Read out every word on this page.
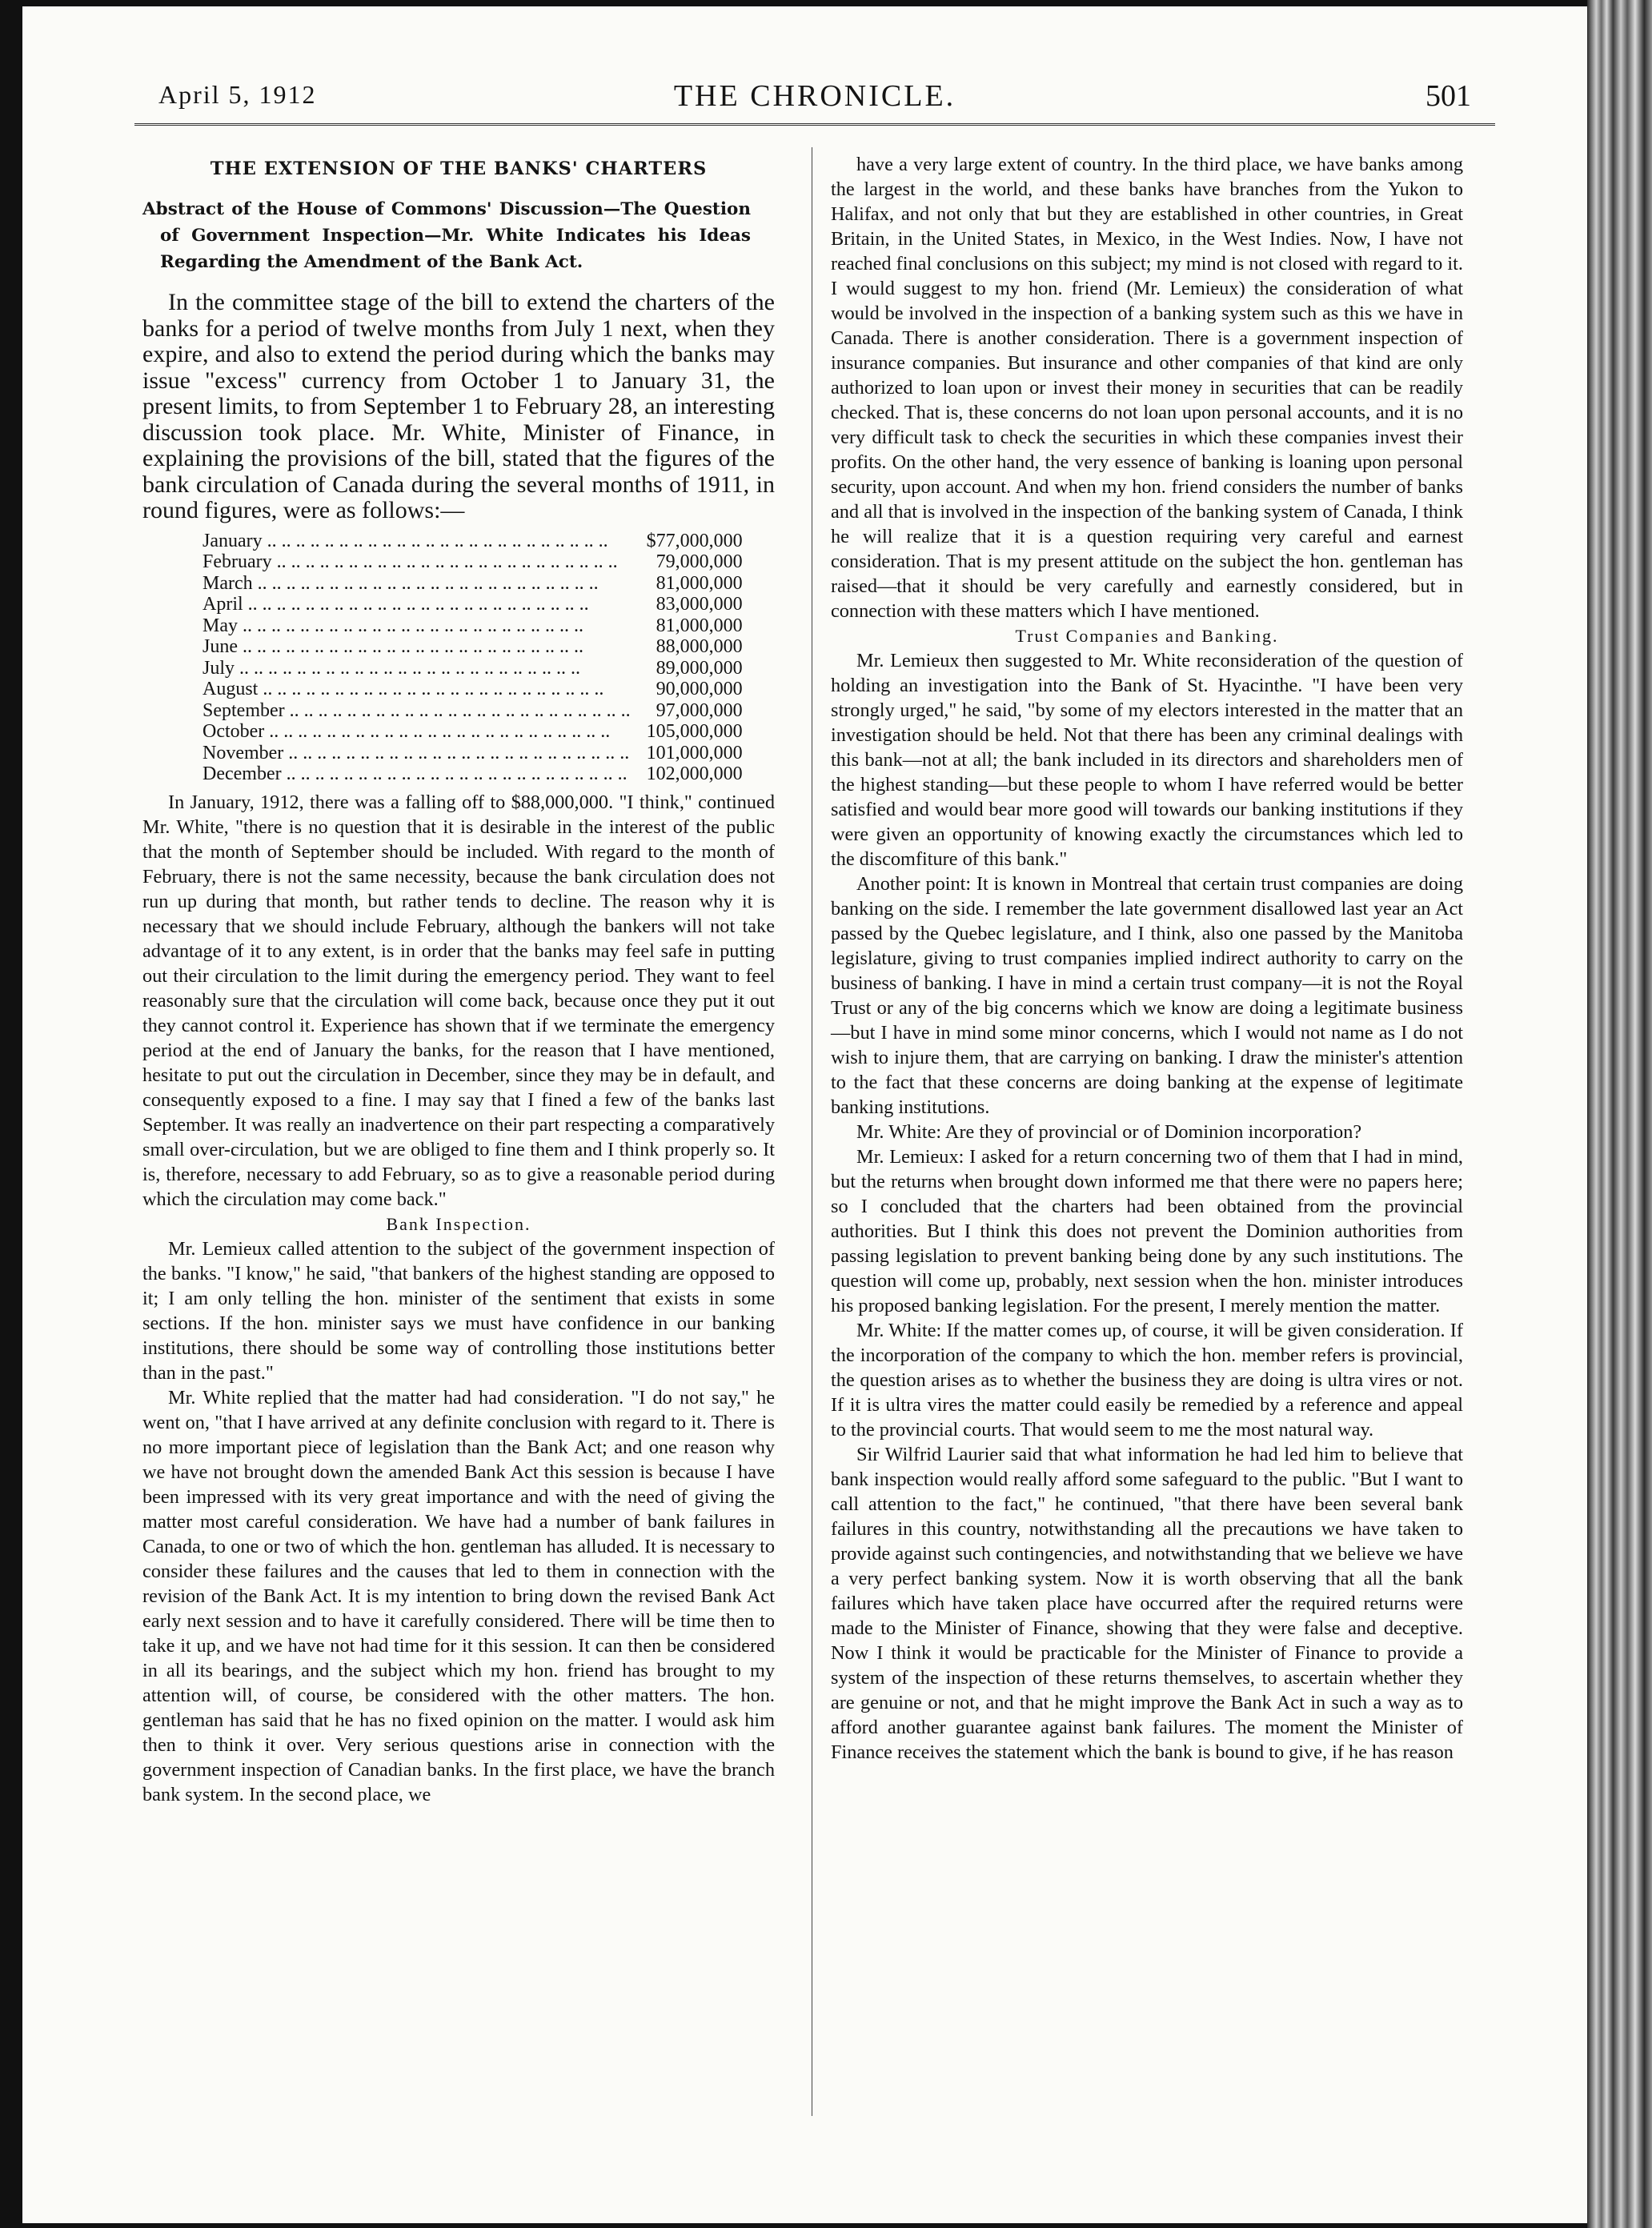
April 5, 1912	THE CHRONICLE.	501
THE EXTENSION OF THE BANKS' CHARTERS
Abstract of the House of Commons' Discussion—The Question of Government Inspection—Mr. White Indicates his Ideas Regarding the Amendment of the Bank Act.

In the committee stage of the bill to extend the charters of the banks for a period of twelve months from July 1 next, when they expire, and also to extend the period during which the banks may issue "excess" currency from October 1 to January 31, the present limits, to from September 1 to February 28, an interesting discussion took place. Mr. White, Minister of Finance, in explaining the provisions of the bill, stated that the figures of the bank circulation of Canada during the several months of 1911, in round figures, were as follows:—

January .. .. .. .. .. .. .. .. .. .. .. .. .. .. .. .. .. .. .. .. .. .. .. ..	$77,000,000
February .. .. .. .. .. .. .. .. .. .. .. .. .. .. .. .. .. .. .. .. .. .. .. ..	79,000,000
March .. .. .. .. .. .. .. .. .. .. .. .. .. .. .. .. .. .. .. .. .. .. .. ..	81,000,000
April .. .. .. .. .. .. .. .. .. .. .. .. .. .. .. .. .. .. .. .. .. .. .. ..	83,000,000
May .. .. .. .. .. .. .. .. .. .. .. .. .. .. .. .. .. .. .. .. .. .. .. ..	81,000,000
June .. .. .. .. .. .. .. .. .. .. .. .. .. .. .. .. .. .. .. .. .. .. .. ..	88,000,000
July .. .. .. .. .. .. .. .. .. .. .. .. .. .. .. .. .. .. .. .. .. .. .. ..	89,000,000
August .. .. .. .. .. .. .. .. .. .. .. .. .. .. .. .. .. .. .. .. .. .. .. ..	90,000,000
September .. .. .. .. .. .. .. .. .. .. .. .. .. .. .. .. .. .. .. .. .. .. .. ..	97,000,000
October .. .. .. .. .. .. .. .. .. .. .. .. .. .. .. .. .. .. .. .. .. .. .. ..	105,000,000
November .. .. .. .. .. .. .. .. .. .. .. .. .. .. .. .. .. .. .. .. .. .. .. ..	101,000,000
December .. .. .. .. .. .. .. .. .. .. .. .. .. .. .. .. .. .. .. .. .. .. .. ..	102,000,000

In January, 1912, there was a falling off to $88,000,000. "I think," continued Mr. White, "there is no question that it is desirable in the interest of the public that the month of September should be included. With regard to the month of February, there is not the same necessity, because the bank circulation does not run up during that month, but rather tends to decline. The reason why it is necessary that we should include February, although the bankers will not take advantage of it to any extent, is in order that the banks may feel safe in putting out their circulation to the limit during the emergency period. They want to feel reasonably sure that the circulation will come back, because once they put it out they cannot control it. Experience has shown that if we terminate the emergency period at the end of January the banks, for the reason that I have mentioned, hesitate to put out the circulation in December, since they may be in default, and consequently exposed to a fine. I may say that I fined a few of the banks last September. It was really an inadvertence on their part respecting a comparatively small over-circulation, but we are obliged to fine them and I think properly so. It is, therefore, necessary to add February, so as to give a reasonable period during which the circulation may come back."

Bank Inspection.

Mr. Lemieux called attention to the subject of the government inspection of the banks. "I know," he said, "that bankers of the highest standing are opposed to it; I am only telling the hon. minister of the sentiment that exists in some sections. If the hon. minister says we must have confidence in our banking institutions, there should be some way of controlling those institutions better than in the past."

Mr. White replied that the matter had had consideration. "I do not say," he went on, "that I have arrived at any definite conclusion with regard to it. There is no more important piece of legislation than the Bank Act; and one reason why we have not brought down the amended Bank Act this session is because I have been impressed with its very great importance and with the need of giving the matter most careful consideration. We have had a number of bank failures in Canada, to one or two of which the hon. gentleman has alluded. It is necessary to consider these failures and the causes that led to them in connection with the revision of the Bank Act. It is my intention to bring down the revised Bank Act early next session and to have it carefully considered. There will be time then to take it up, and we have not had time for it this session. It can then be considered in all its bearings, and the subject which my hon. friend has brought to my attention will, of course, be considered with the other matters. The hon. gentleman has said that he has no fixed opinion on the matter. I would ask him then to think it over. Very serious questions arise in connection with the government inspection of Canadian banks. In the first place, we have the branch bank system. In the second place, we

have a very large extent of country. In the third place, we have banks among the largest in the world, and these banks have branches from the Yukon to Halifax, and not only that but they are established in other countries, in Great Britain, in the United States, in Mexico, in the West Indies. Now, I have not reached final conclusions on this subject; my mind is not closed with regard to it. I would suggest to my hon. friend (Mr. Lemieux) the consideration of what would be involved in the inspection of a banking system such as this we have in Canada. There is another consideration. There is a government inspection of insurance companies. But insurance and other companies of that kind are only authorized to loan upon or invest their money in securities that can be readily checked. That is, these concerns do not loan upon personal accounts, and it is no very difficult task to check the securities in which these companies invest their profits. On the other hand, the very essence of banking is loaning upon personal security, upon account. And when my hon. friend considers the number of banks and all that is involved in the inspection of the banking system of Canada, I think he will realize that it is a question requiring very careful and earnest consideration. That is my present attitude on the subject the hon. gentleman has raised—that it should be very carefully and earnestly considered, but in connection with these matters which I have mentioned.

Trust Companies and Banking.

Mr. Lemieux then suggested to Mr. White reconsideration of the question of holding an investigation into the Bank of St. Hyacinthe. "I have been very strongly urged," he said, "by some of my electors interested in the matter that an investigation should be held. Not that there has been any criminal dealings with this bank—not at all; the bank included in its directors and shareholders men of the highest standing—but these people to whom I have referred would be better satisfied and would bear more good will towards our banking institutions if they were given an opportunity of knowing exactly the circumstances which led to the discomfiture of this bank."

Another point: It is known in Montreal that certain trust companies are doing banking on the side. I remember the late government disallowed last year an Act passed by the Quebec legislature, and I think, also one passed by the Manitoba legislature, giving to trust companies implied indirect authority to carry on the business of banking. I have in mind a certain trust company—it is not the Royal Trust or any of the big concerns which we know are doing a legitimate business—but I have in mind some minor concerns, which I would not name as I do not wish to injure them, that are carrying on banking. I draw the minister's attention to the fact that these concerns are doing banking at the expense of legitimate banking institutions.

Mr. White: Are they of provincial or of Dominion incorporation?

Mr. Lemieux: I asked for a return concerning two of them that I had in mind, but the returns when brought down informed me that there were no papers here; so I concluded that the charters had been obtained from the provincial authorities. But I think this does not prevent the Dominion authorities from passing legislation to prevent banking being done by any such institutions. The question will come up, probably, next session when the hon. minister introduces his proposed banking legislation. For the present, I merely mention the matter.

Mr. White: If the matter comes up, of course, it will be given consideration. If the incorporation of the company to which the hon. member refers is provincial, the question arises as to whether the business they are doing is ultra vires or not. If it is ultra vires the matter could easily be remedied by a reference and appeal to the provincial courts. That would seem to me the most natural way.

Sir Wilfrid Laurier said that what information he had led him to believe that bank inspection would really afford some safeguard to the public. "But I want to call attention to the fact," he continued, "that there have been several bank failures in this country, notwithstanding all the precautions we have taken to provide against such contingencies, and notwithstanding that we believe we have a very perfect banking system. Now it is worth observing that all the bank failures which have taken place have occurred after the required returns were made to the Minister of Finance, showing that they were false and deceptive. Now I think it would be practicable for the Minister of Finance to provide a system of the inspection of these returns themselves, to ascertain whether they are genuine or not, and that he might improve the Bank Act in such a way as to afford another guarantee against bank failures. The moment the Minister of Finance receives the statement which the bank is bound to give, if he has reason
